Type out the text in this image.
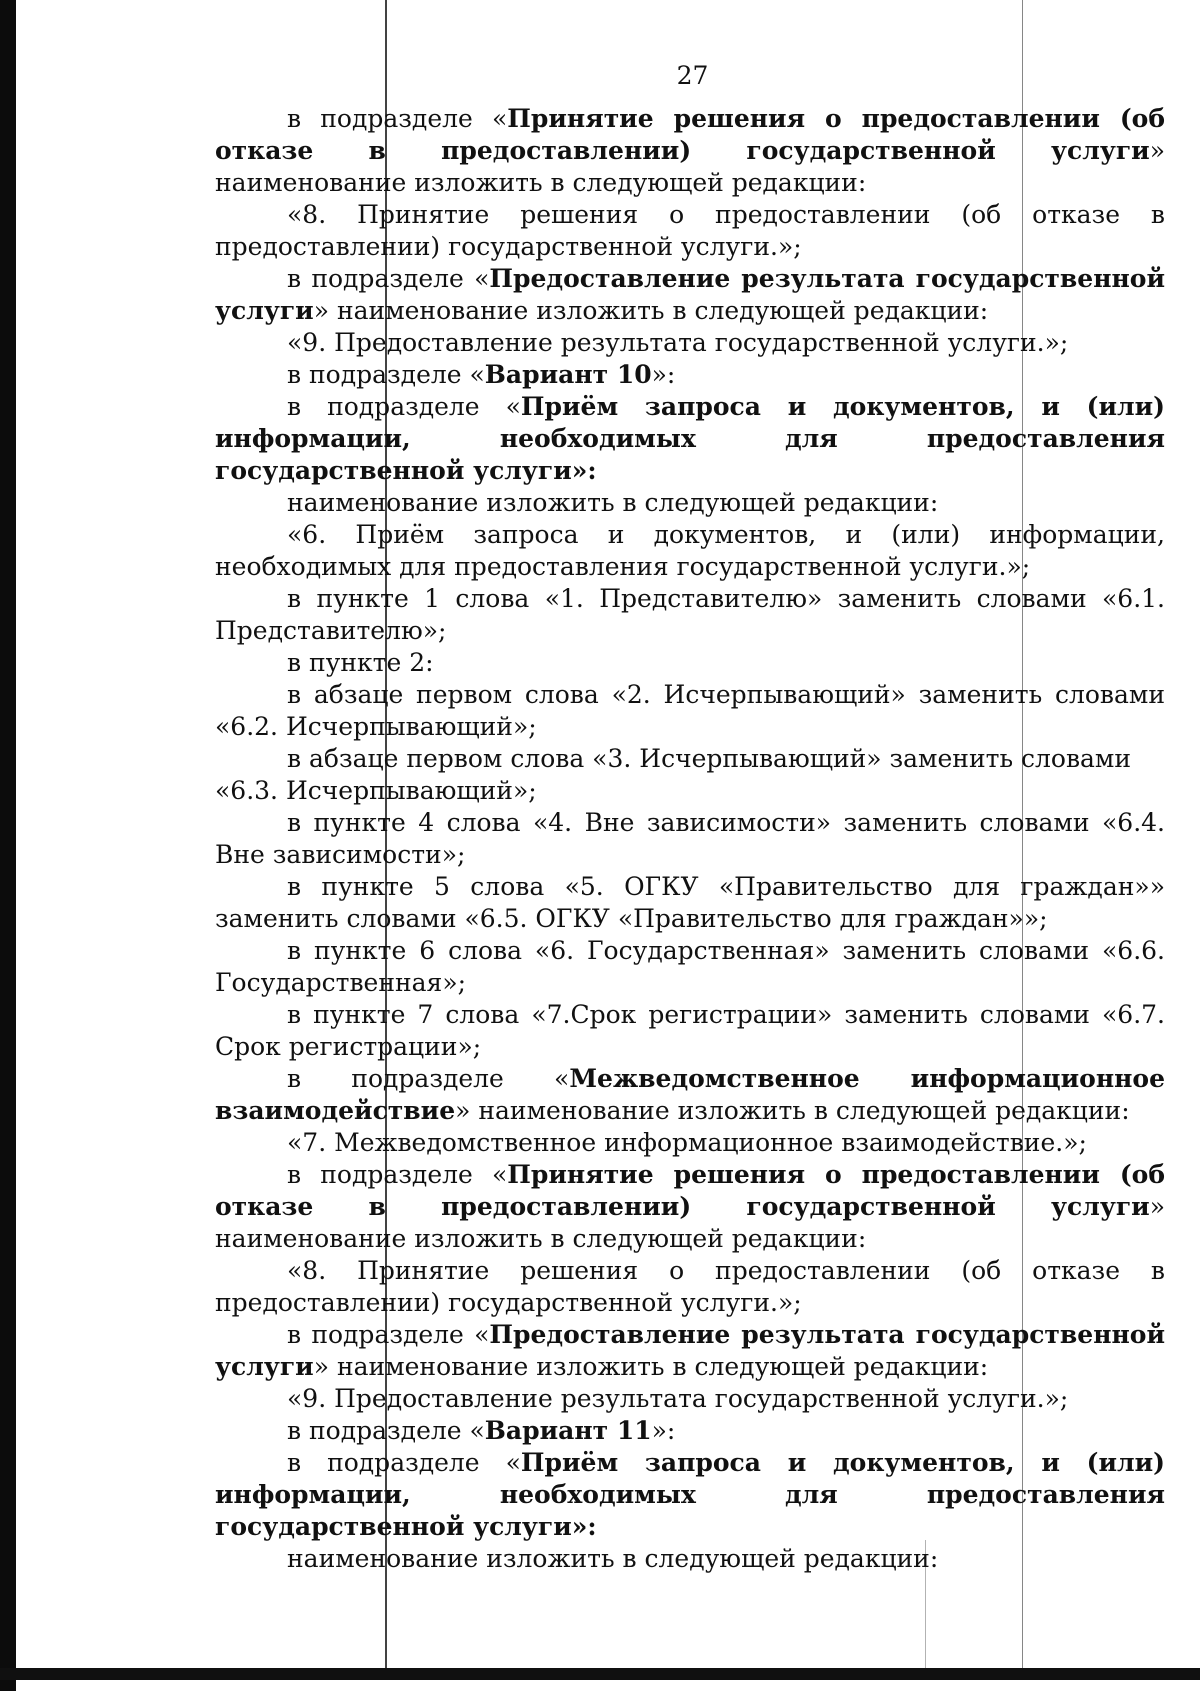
27

в подразделе «Принятие решения о предоставлении (об отказе в предоставлении) государственной услуги» наименование изложить в следующей редакции:

«8. Принятие решения о предоставлении (об отказе в предоставлении) государственной услуги.»;

в подразделе «Предоставление результата государственной услуги» наименование изложить в следующей редакции:

«9. Предоставление результата государственной услуги.»;

в подразделе «Вариант 10»:

в подразделе «Приём запроса и документов, и (или) информации, необходимых для предоставления государственной услуги»:

наименование изложить в следующей редакции:

«6. Приём запроса и документов, и (или) информации, необходимых для предоставления государственной услуги.»;

в пункте 1 слова «1. Представителю» заменить словами «6.1. Представителю»;

в пункте 2:

в абзаце первом слова «2. Исчерпывающий» заменить словами «6.2. Исчерпывающий»;

в абзаце первом слова «3. Исчерпывающий» заменить словами

«6.3. Исчерпывающий»;

в пункте 4 слова «4. Вне зависимости» заменить словами «6.4. Вне зависимости»;

в пункте 5 слова «5. ОГКУ «Правительство для граждан»» заменить словами «6.5. ОГКУ «Правительство для граждан»»;

в пункте 6 слова «6. Государственная» заменить словами «6.6. Государственная»;

в пункте 7 слова «7.Срок регистрации» заменить словами «6.7. Срок регистрации»;

в подразделе «Межведомственное информационное взаимодействие» наименование изложить в следующей редакции:

«7. Межведомственное информационное взаимодействие.»;

в подразделе «Принятие решения о предоставлении (об отказе в предоставлении) государственной услуги» наименование изложить в следующей редакции:

«8. Принятие решения о предоставлении (об отказе в предоставлении) государственной услуги.»;

в подразделе «Предоставление результата государственной услуги» наименование изложить в следующей редакции:

«9. Предоставление результата государственной услуги.»;

в подразделе «Вариант 11»:

в подразделе «Приём запроса и документов, и (или) информации, необходимых для предоставления государственной услуги»:

наименование изложить в следующей редакции:
